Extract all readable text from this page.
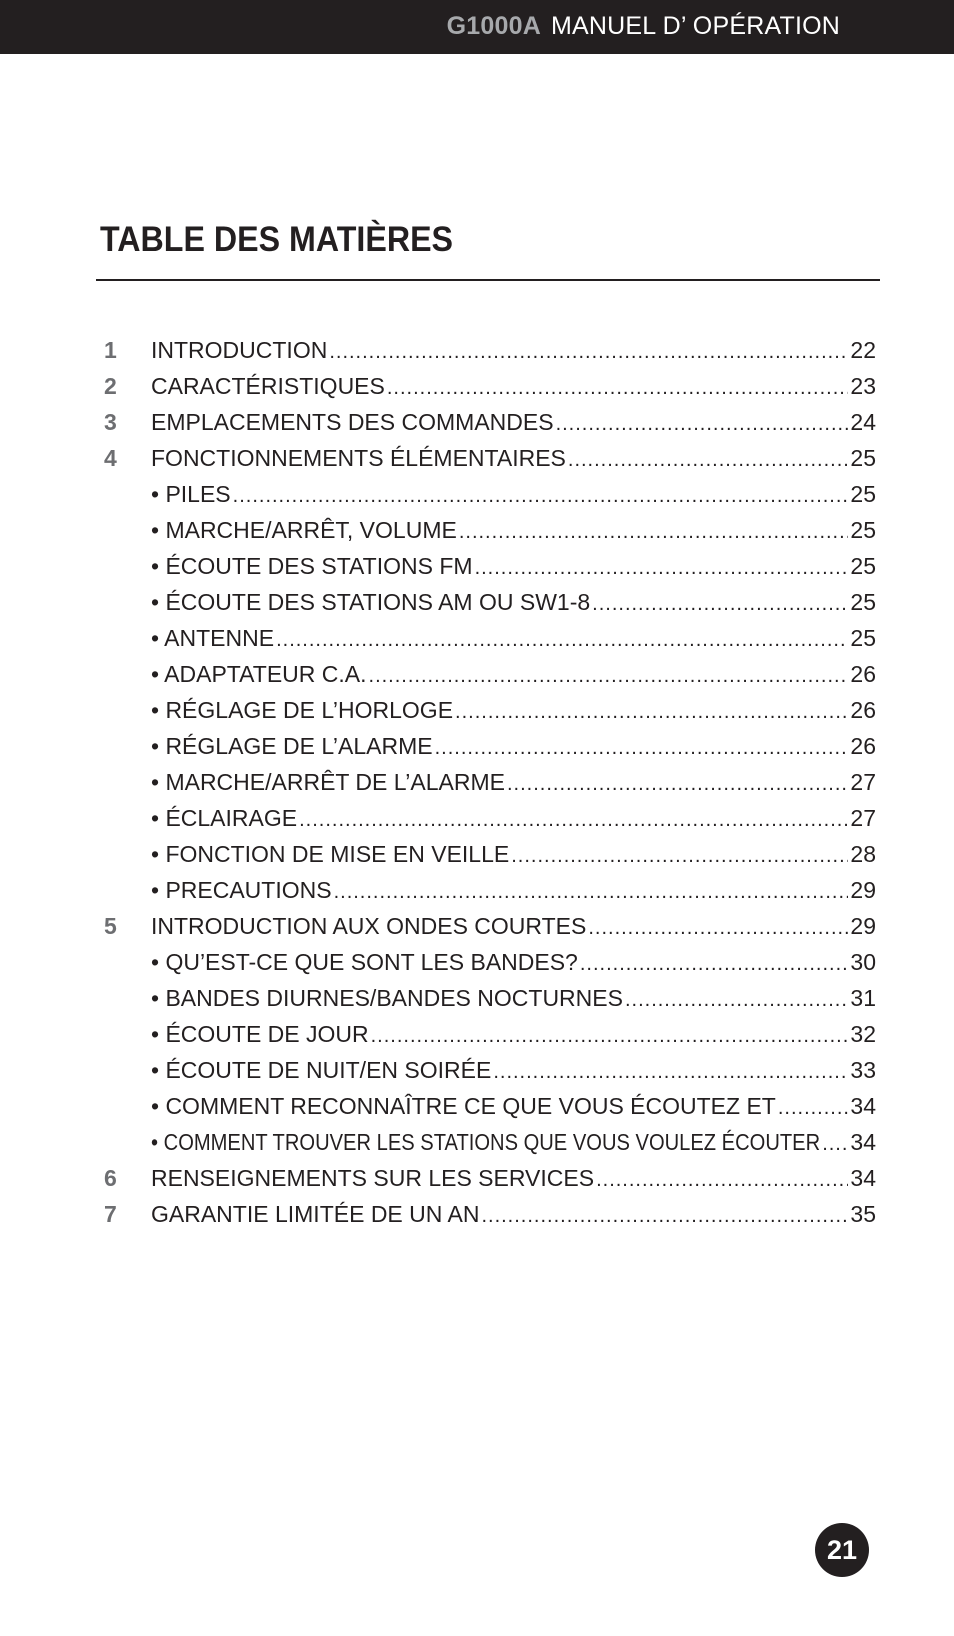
G1000A MANUEL D’ OPÉRATION
TABLE DES MATIÈRES
1	INTRODUCTION .....	22
2	CARACTÉRISTIQUES .....	23
3	EMPLACEMENTS DES COMMANDES .....	24
4	FONCTIONNEMENTS ÉLÉMENTAIRES .....	25
• PILES .....	25
• MARCHE/ARRÊT, VOLUME .....	25
• ÉCOUTE DES STATIONS FM .....	25
• ÉCOUTE DES STATIONS AM OU SW1-8 .....	25
• ANTENNE .....	25
• ADAPTATEUR C.A. .....	26
• RÉGLAGE DE L’HORLOGE .....	26
• RÉGLAGE DE L’ALARME .....	26
• MARCHE/ARRÊT DE L’ALARME .....	27
• ÉCLAIRAGE .....	27
• FONCTION DE MISE EN VEILLE .....	28
• PRECAUTIONS .....	29
5	INTRODUCTION AUX ONDES COURTES .....	29
• QU’EST-CE QUE SONT LES BANDES? .....	30
• BANDES DIURNES/BANDES NOCTURNES .....	31
• ÉCOUTE DE JOUR .....	32
• ÉCOUTE DE NUIT/EN SOIRÉE .....	33
• COMMENT RECONNAÎTRE CE QUE VOUS ÉCOUTEZ ET .....	34
• COMMENT TROUVER LES STATIONS QUE VOUS VOULEZ ÉCOUTER ..... 34
6	RENSEIGNEMENTS SUR LES SERVICES .....	34
7	GARANTIE LIMITÉE DE UN AN .....	35
21
